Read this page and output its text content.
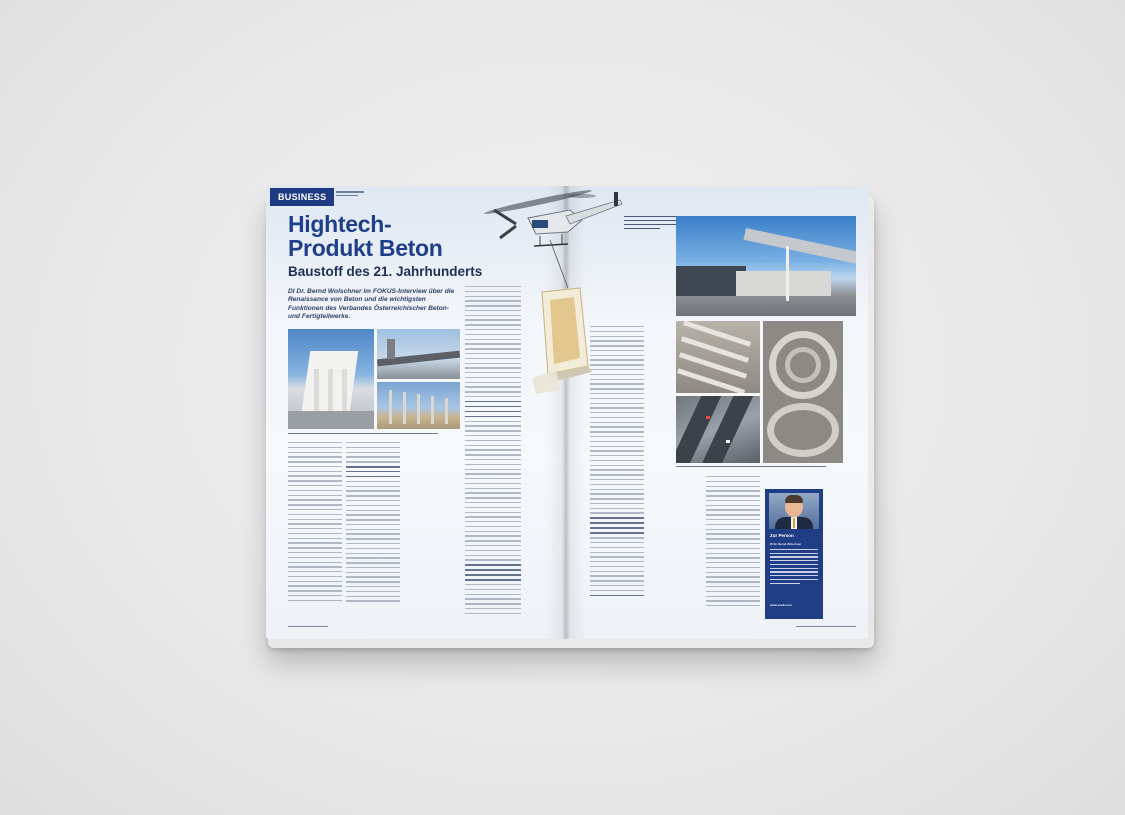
BUSINESS
Hightech-
Produkt Beton
Baustoff des 21. Jahrhunderts
DI Dr. Bernd Wolschner im FOKUS-Interview über die Renaissance von Beton und die wichtigsten Funktionen des Verbandes Österreichischer Beton- und Fertigteilwerke.
Zur Person
DI Dr. Bernd Wolschner
www.voeb.com
